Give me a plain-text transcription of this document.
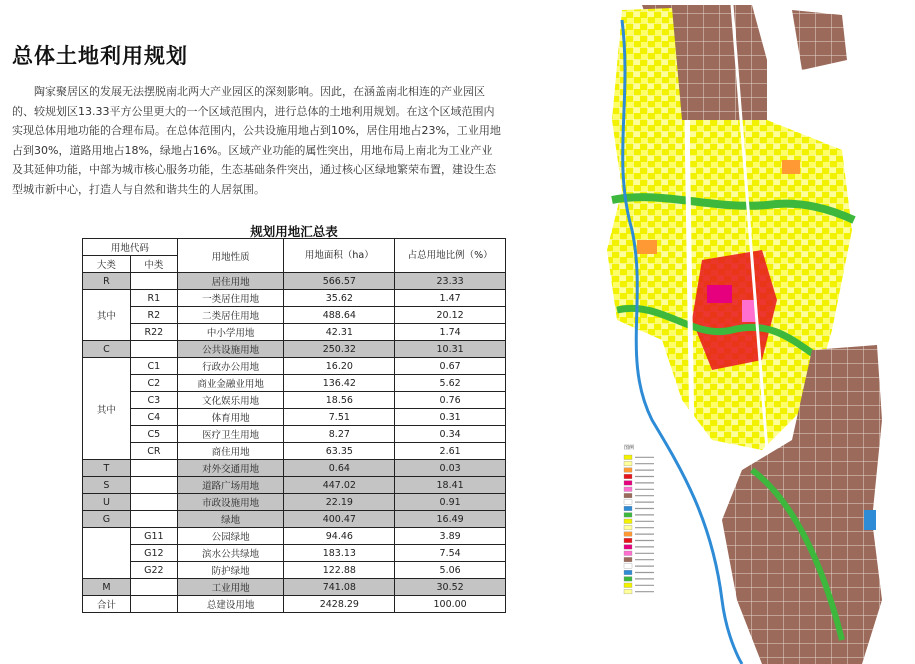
总体土地利用规划
陶家聚居区的发展无法摆脱南北两大产业园区的深刻影响。因此，在涵盖南北相连的产业园区的、较规划区13.33平方公里更大的一个区域范围内，进行总体的土地利用规划。在这个区域范围内实现总体用地功能的合理布局。在总体范围内，公共设施用地占到10%，居住用地占23%，工业用地占到30%，道路用地占18%，绿地占16%。区域产业功能的属性突出，用地布局上南北为工业产业及其延伸功能，中部为城市核心服务功能，生态基础条件突出，通过核心区绿地繁荣布置，建设生态型城市新中心，打造人与自然和谐共生的人居氛围。
规划用地汇总表
用地代码		用地性质	用地面积（ha）	占总用地比例（%）
大类	中类			
R		居住用地	566.57	23.33
其中	R1	一类居住用地	35.62	1.47
	R2	二类居住用地	488.64	20.12
	R22	中小学用地	42.31	1.74
C		公共设施用地	250.32	10.31
其中	C1	行政办公用地	16.20	0.67
	C2	商业金融业用地	136.42	5.62
	C3	文化娱乐用地	18.56	0.76
	C4	体育用地	7.51	0.31
	C5	医疗卫生用地	8.27	0.34
	CR	商住用地	63.35	2.61
T		对外交通用地	0.64	0.03
S		道路广场用地	447.02	18.41
U		市政设施用地	22.19	0.91
G		绿地	400.47	16.49
	G11	公园绿地	94.46	3.89
	G12	滨水公共绿地	183.13	7.54
	G22	防护绿地	122.88	5.06
M		工业用地	741.08	30.52
合计		总建设用地	2428.29	100.00
图例
